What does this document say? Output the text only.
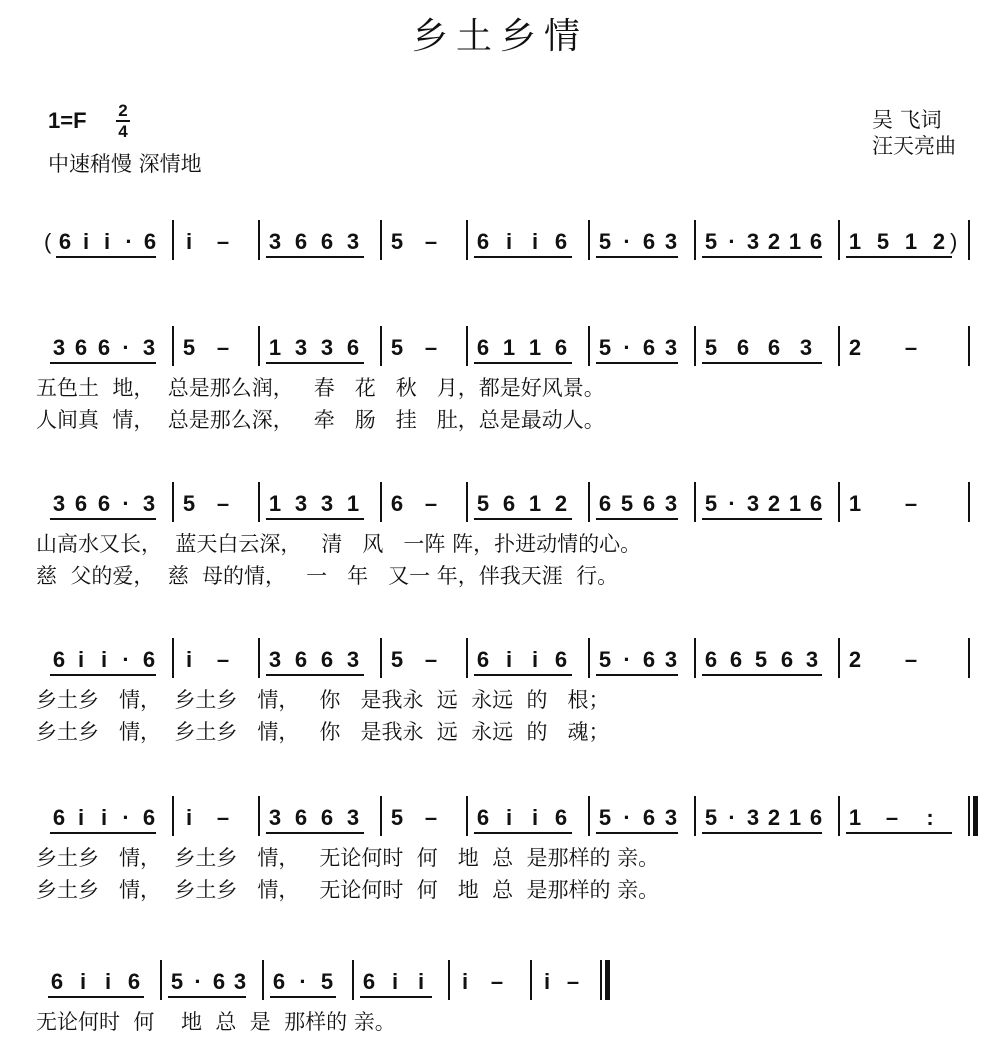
乡土乡情
1=F 2
4
中速稍慢 深情地
吴 飞词
汪天亮曲
(	)
6 i i · 6 i – 3 6 6 3 5 – 6 i i 6 5 · 6 3 5 · 3 2 1 6 1 5 1 2
3 6 6 · 3 5 – 1 3 3 6 5 – 6 1 1 6 5 · 6 3 5 6 6 3 2 –
五色土  地，  总是那么润，   春   花   秋   月，都是好风景。
人间真  情，  总是那么深，   牵   肠   挂   肚，总是最动人。
3 6 6 · 3 5 – 1 3 3 1 6 – 5 6 1 2 6 5 6 3 5 · 3 2 1 6 1 –
山高水又长，  蓝天白云深，   清   风   一阵 阵，扑进动情的心。
慈  父的爱，  慈  母的情，   一   年   又一 年，伴我天涯  行。
6 i i · 6 i – 3 6 6 3 5 – 6 i i 6 5 · 6 3 6 6 5 6 3 2 –
乡土乡   情，  乡土乡   情，   你   是我永  远  永远  的   根；
乡土乡   情，  乡土乡   情，   你   是我永  远  永远  的   魂；
6 i i · 6 i – 3 6 6 3 5 – 6 i i 6 5 · 6 3 5 · 3 2 1 6 1 – :
乡土乡   情，  乡土乡   情，   无论何时  何   地  总  是那样的 亲。
乡土乡   情，  乡土乡   情，   无论何时  何   地  总  是那样的 亲。
6 i i 6 5 · 6 3 6 · 5 6 i i i – i –
无论何时  何    地  总  是  那样的 亲。
